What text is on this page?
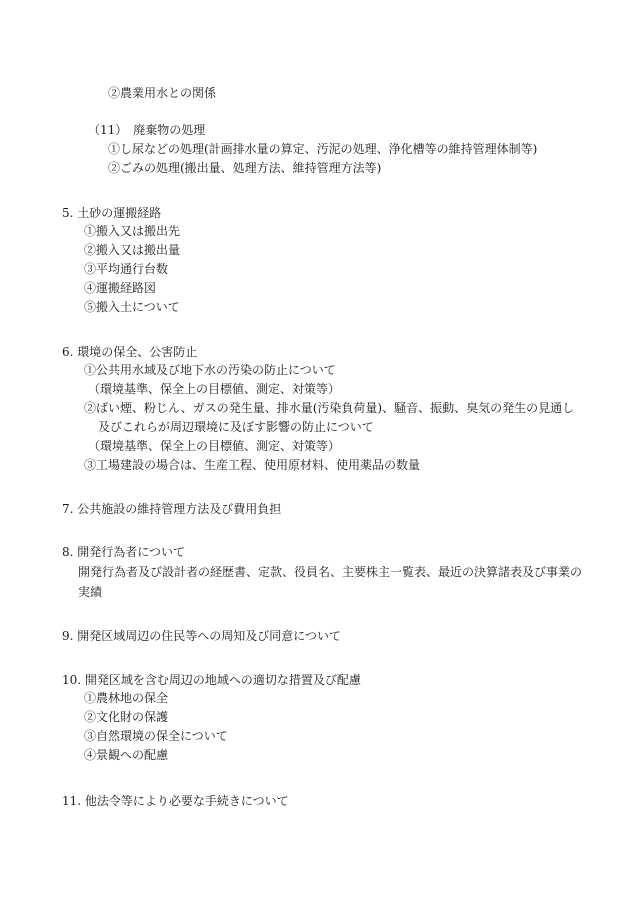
②農業用水との関係
（11）　廃棄物の処理
①し尿などの処理(計画排水量の算定、汚泥の処理、浄化槽等の維持管理体制等)
②ごみの処理(搬出量、処理方法、維持管理方法等)
5. 土砂の運搬経路
①搬入又は搬出先
②搬入又は搬出量
③平均通行台数
④運搬経路図
⑤搬入土について
6. 環境の保全、公害防止
①公共用水域及び地下水の汚染の防止について
（環境基準、保全上の目標値、測定、対策等）
②ばい煙、粉じん、ガスの発生量、排水量(汚染負荷量)、騒音、振動、臭気の発生の見通し
及びこれらが周辺環境に及ぼす影響の防止について
（環境基準、保全上の目標値、測定、対策等）
③工場建設の場合は、生産工程、使用原材料、使用薬品の数量
7. 公共施設の維持管理方法及び費用負担
8. 開発行為者について
開発行為者及び設計者の経歴書、定款、役員名、主要株主一覧表、最近の決算諸表及び事業の
実績
9. 開発区域周辺の住民等への周知及び同意について
10. 開発区域を含む周辺の地域への適切な措置及び配慮
①農林地の保全
②文化財の保護
③自然環境の保全について
④景観への配慮
11. 他法令等により必要な手続きについて
